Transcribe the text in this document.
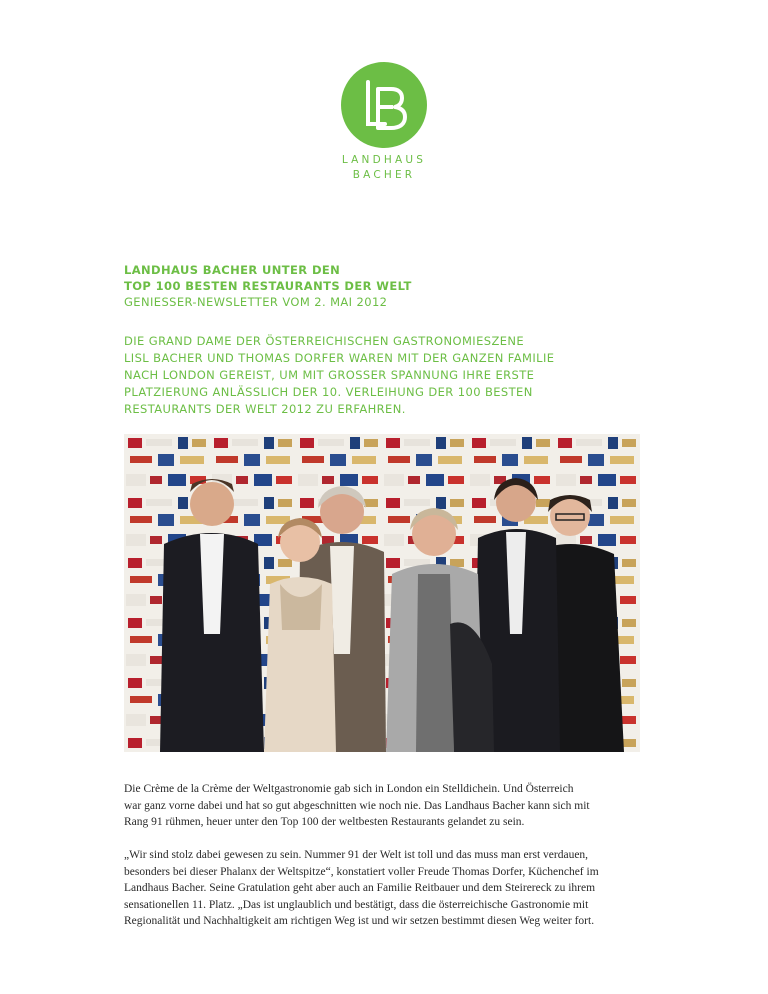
LANDHAUS
BACHER
LANDHAUS BACHER UNTER DEN
TOP 100 BESTEN RESTAURANTS DER WELT
GENIESSER-NEWSLETTER VOM 2. MAI 2012
DIE GRAND DAME DER ÖSTERREICHISCHEN GASTRONOMIESZENE
LISL BACHER UND THOMAS DORFER WAREN MIT DER GANZEN FAMILIE
NACH LONDON GEREIST, UM MIT GROSSER SPANNUNG IHRE ERSTE
PLATZIERUNG ANLÄSSLICH DER 10. VERLEIHUNG DER 100 BESTEN
RESTAURANTS DER WELT 2012 ZU ERFAHREN.
Die Crème de la Crème der Weltgastronomie gab sich in London ein Stelldichein. Und Österreich
war ganz vorne dabei und hat so gut abgeschnitten wie noch nie. Das Landhaus Bacher kann sich mit
Rang 91 rühmen, heuer unter den Top 100 der weltbesten Restaurants gelandet zu sein.
„Wir sind stolz dabei gewesen zu sein. Nummer 91 der Welt ist toll und das muss man erst verdauen,
besonders bei dieser Phalanx der Weltspitze“, konstatiert voller Freude Thomas Dorfer, Küchenchef im
Landhaus Bacher. Seine Gratulation geht aber auch an Familie Reitbauer und dem Steirereck zu ihrem
sensationellen 11. Platz. „Das ist unglaublich und bestätigt, dass die österreichische Gastronomie mit
Regionalität und Nachhaltigkeit am richtigen Weg ist und wir setzen bestimmt diesen Weg weiter fort.
